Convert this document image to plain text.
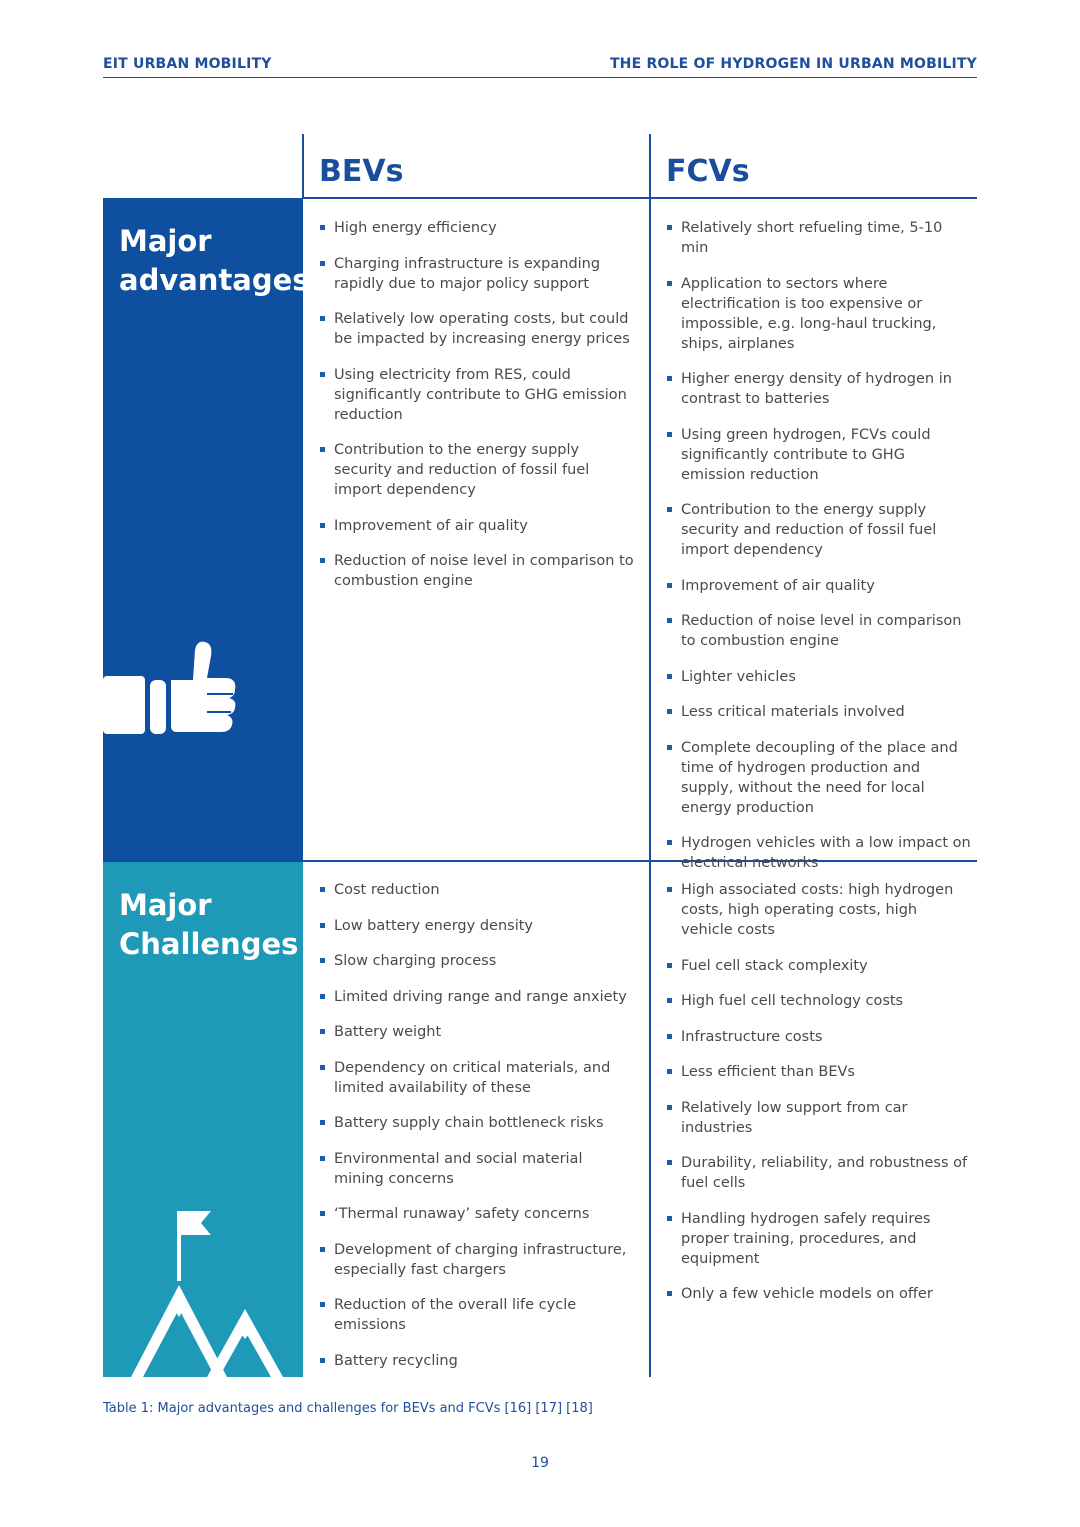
EIT URBAN MOBILITY	THE ROLE OF HYDROGEN IN URBAN MOBILITY
BEVs	FCVs
Major
advantages
Major
Challenges
High energy efficiency
Charging infrastructure is expanding rapidly due to major policy support
Relatively low operating costs, but could be impacted by increasing energy prices
Using electricity from RES, could significantly contribute to GHG emission reduction
Contribution to the energy supply security and reduction of fossil fuel import dependency
Improvement of air quality
Reduction of noise level in comparison to combustion engine
Relatively short refueling time, 5-10 min
Application to sectors where electrification is too expensive or impossible, e.g. long-haul trucking, ships, airplanes
Higher energy density of hydrogen in contrast to batteries
Using green hydrogen, FCVs could significantly contribute to GHG emission reduction
Contribution to the energy supply security and reduction of fossil fuel import dependency
Improvement of air quality
Reduction of noise level in comparison to combustion engine
Lighter vehicles
Less critical materials involved
Complete decoupling of the place and time of hydrogen production and supply, without the need for local energy production
Hydrogen vehicles with a low impact on electrical networks
Cost reduction
Low battery energy density
Slow charging process
Limited driving range and range anxiety
Battery weight
Dependency on critical materials, and limited availability of these
Battery supply chain bottleneck risks
Environmental and social material mining concerns
‘Thermal runaway’ safety concerns
Development of charging infrastructure, especially fast chargers
Reduction of the overall life cycle emissions
Battery recycling
High associated costs: high hydrogen costs, high operating costs, high vehicle costs
Fuel cell stack complexity
High fuel cell technology costs
Infrastructure costs
Less efficient than BEVs
Relatively low support from car industries
Durability, reliability, and robustness of fuel cells
Handling hydrogen safely requires proper training, procedures, and equipment
Only a few vehicle models on offer
Table 1: Major advantages and challenges for BEVs and FCVs [16] [17] [18]
19
